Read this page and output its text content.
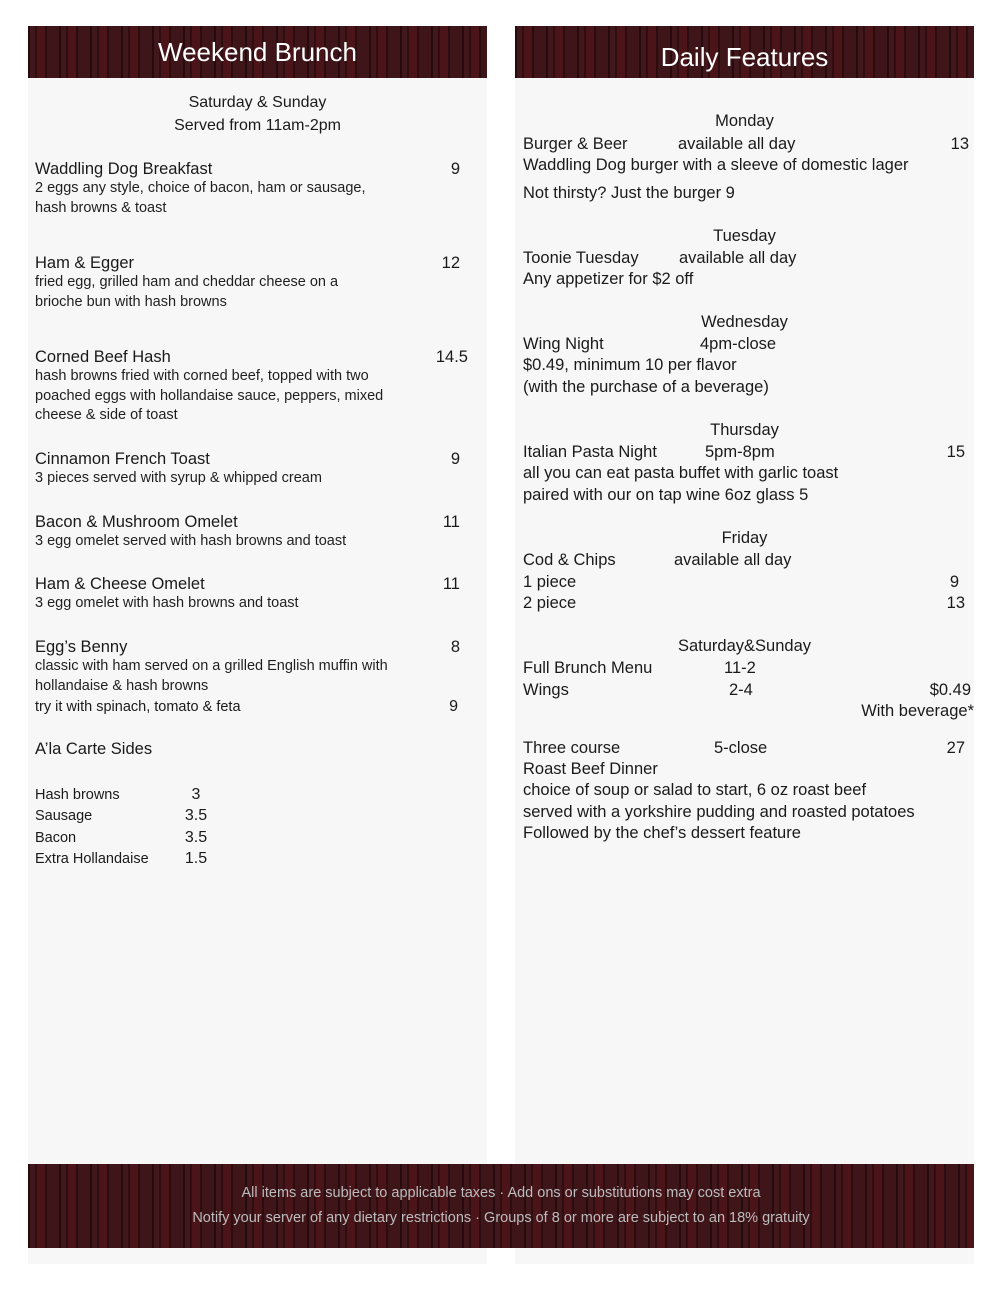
Weekend Brunch
Saturday & Sunday
Served from 11am-2pm
Waddling Dog Breakfast	9
2 eggs any style, choice of bacon, ham or sausage,
hash browns & toast
Ham & Egger	12
fried egg, grilled ham and cheddar cheese on a
brioche bun with hash browns
Corned Beef Hash	14.5
hash browns fried with corned beef, topped with two
poached eggs with hollandaise sauce, peppers, mixed
cheese & side of toast
Cinnamon French Toast	9
3 pieces served with syrup & whipped cream
Bacon & Mushroom Omelet	11
3 egg omelet served with hash browns and toast
Ham & Cheese Omelet	11
3 egg omelet with hash browns and toast
Egg’s Benny	8
classic with ham served on a grilled English muffin with
hollandaise & hash browns
try it with spinach, tomato & feta	9
A’la Carte Sides
Hash browns	3
Sausage	3.5
Bacon	3.5
Extra Hollandaise	1.5
Daily Features
Monday
Burger & Beer	available all day	13
Waddling Dog burger with a sleeve of domestic lager
Not thirsty? Just the burger 9
Tuesday
Toonie Tuesday available all day
Any appetizer for $2 off
Wednesday
Wing Night	4pm-close
$0.49, minimum 10 per flavor
(with the purchase of a beverage)
Thursday
Italian Pasta Night	5pm-8pm	15
all you can eat pasta buffet with garlic toast
paired with our on tap wine 6oz glass 5
Friday
Cod & Chips	available all day
1 piece	9
2 piece	13
Saturday&Sunday
Full Brunch Menu	11-2
Wings	2-4	$0.49
With beverage*
Three course	5-close	27
Roast Beef Dinner
choice of soup or salad to start, 6 oz roast beef
served with a yorkshire pudding and roasted potatoes
Followed by the chef’s dessert feature
All items are subject to applicable taxes · Add ons or substitutions may cost extra
Notify your server of any dietary restrictions · Groups of 8 or more are subject to an 18% gratuity
